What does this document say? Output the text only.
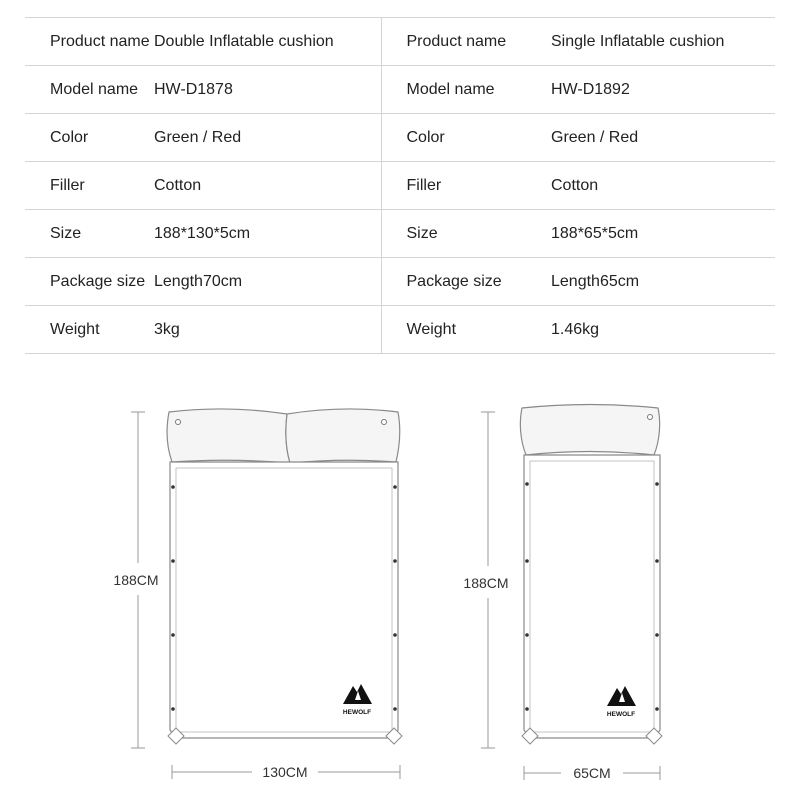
Product name	Double Inflatable cushion	Product name	Single Inflatable cushion
Model name	HW-D1878	Model name	HW-D1892
Color	Green / Red	Color	Green / Red
Filler	Cotton	Filler	Cotton
Size	188*130*5cm	Size	188*65*5cm
Package size	Length70cm	Package size	Length65cm
Weight	3kg	Weight	1.46kg
188CM
HEWOLF
130CM
188CM
HEWOLF
65CM
